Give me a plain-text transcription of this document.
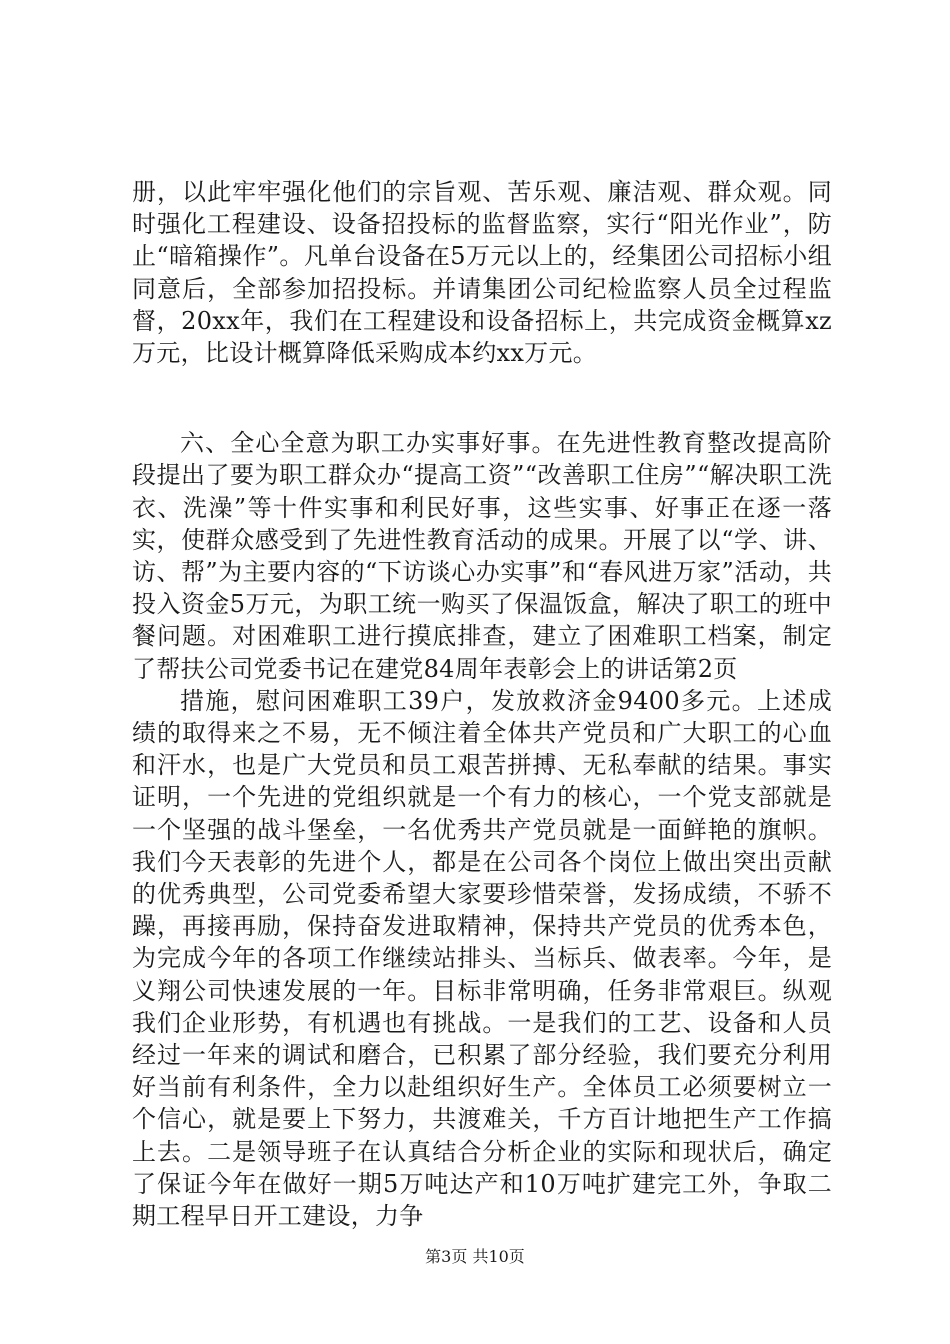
册，以此牢牢强化他们的宗旨观、苦乐观、廉洁观、群众观。同时强化工程建设、设备招投标的监督监察，实行“阳光作业”，防止“暗箱操作”。凡单台设备在5万元以上的，经集团公司招标小组同意后，全部参加招投标。并请集团公司纪检监察人员全过程监督，20xx年，我们在工程建设和设备招标上，共完成资金概算xz万元，比设计概算降低采购成本约xx万元。

六、全心全意为职工办实事好事。在先进性教育整改提高阶段提出了要为职工群众办“提高工资”“改善职工住房”“解决职工洗衣、洗澡”等十件实事和利民好事，这些实事、好事正在逐一落实，使群众感受到了先进性教育活动的成果。开展了以“学、讲、访、帮”为主要内容的“下访谈心办实事”和“春风进万家”活动，共投入资金5万元，为职工统一购买了保温饭盒，解决了职工的班中餐问题。对困难职工进行摸底排查，建立了困难职工档案，制定了帮扶公司党委书记在建党84周年表彰会上的讲话第2页

措施，慰问困难职工39户，发放救济金9400多元。上述成绩的取得来之不易，无不倾注着全体共产党员和广大职工的心血和汗水，也是广大党员和员工艰苦拼搏、无私奉献的结果。事实证明，一个先进的党组织就是一个有力的核心，一个党支部就是一个坚强的战斗堡垒，一名优秀共产党员就是一面鲜艳的旗帜。我们今天表彰的先进个人，都是在公司各个岗位上做出突出贡献的优秀典型，公司党委希望大家要珍惜荣誉，发扬成绩，不骄不躁，再接再励，保持奋发进取精神，保持共产党员的优秀本色，为完成今年的各项工作继续站排头、当标兵、做表率。今年，是义翔公司快速发展的一年。目标非常明确，任务非常艰巨。纵观我们企业形势，有机遇也有挑战。一是我们的工艺、设备和人员经过一年来的调试和磨合，已积累了部分经验，我们要充分利用好当前有利条件，全力以赴组织好生产。全体员工必须要树立一个信心，就是要上下努力，共渡难关，千方百计地把生产工作搞上去。二是领导班子在认真结合分析企业的实际和现状后，确定了保证今年在做好一期5万吨达产和10万吨扩建完工外，争取二期工程早日开工建设，力争

第3页 共10页
